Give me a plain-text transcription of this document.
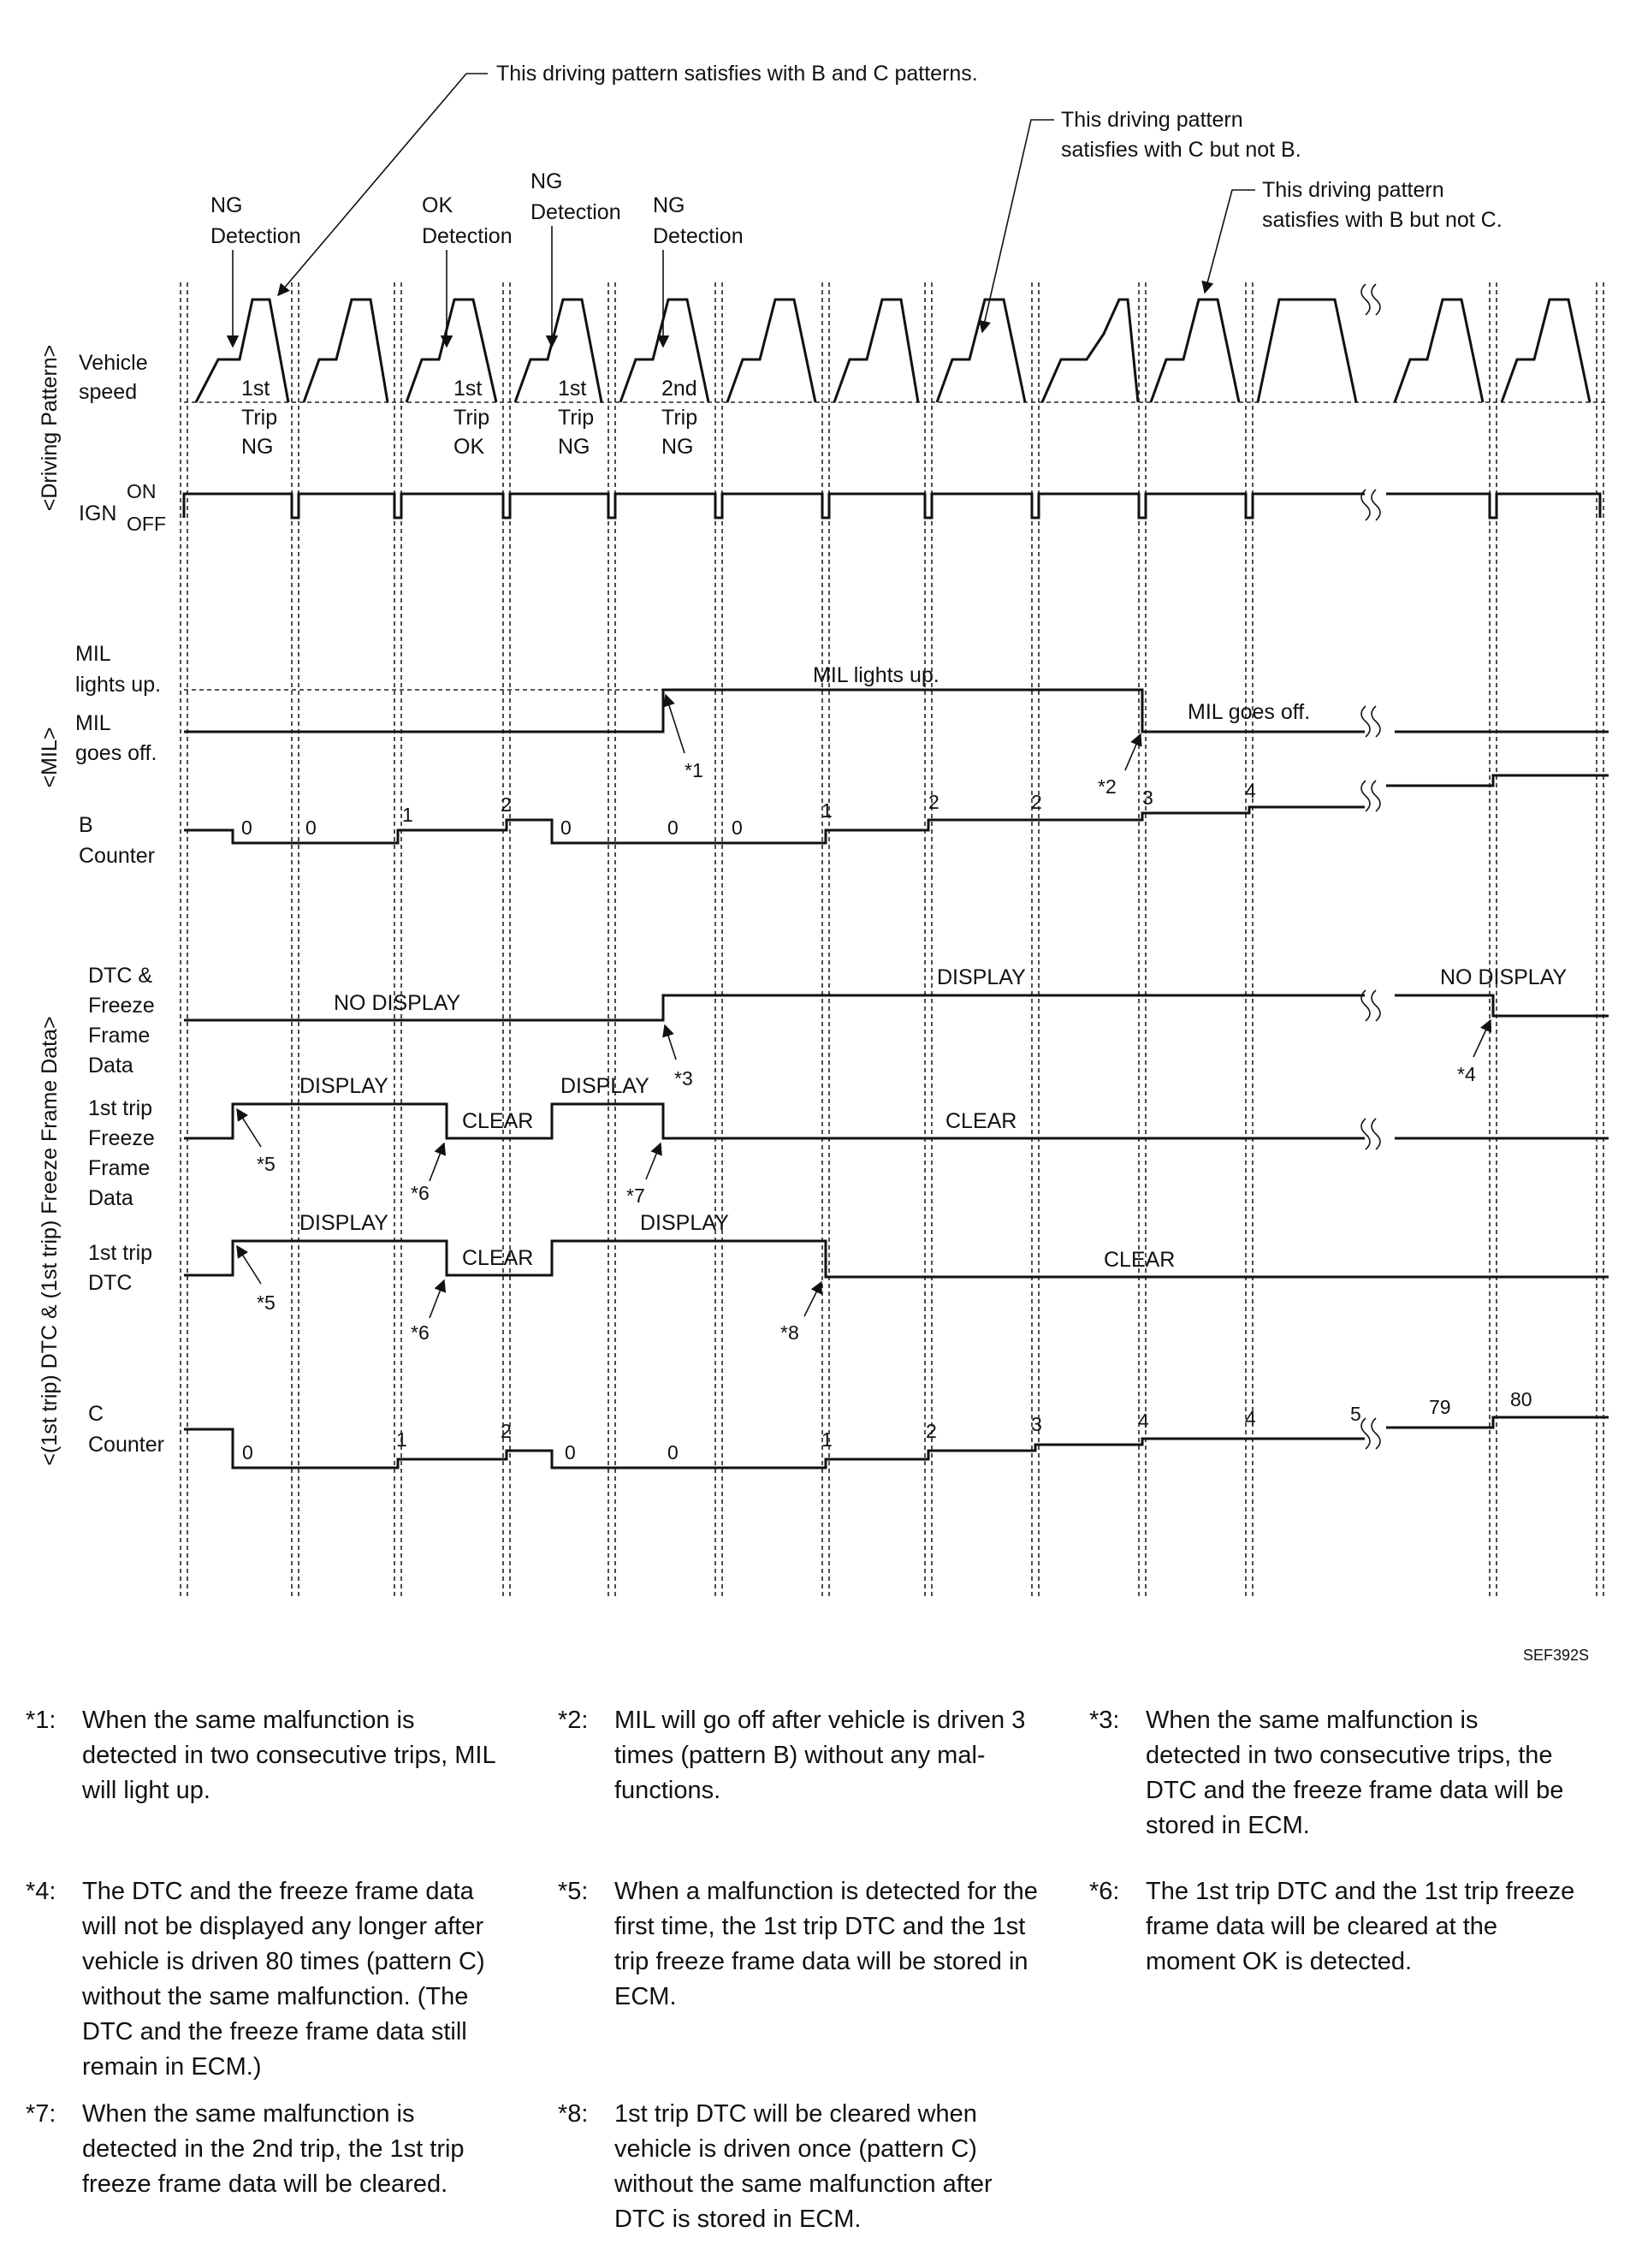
<Driving Pattern>
<MIL>
<(1st trip) DTC & (1st trip) Freeze Frame Data>
This driving pattern satisfies with B and C patterns.
This driving pattern
satisfies with C but not B.
This driving pattern
satisfies with B but not C.
NG
Detection
OK
Detection
NG
Detection NG
Detection
Vehicle
speed	1st
Trip
NG
1st
Trip
OK
1st
Trip
NG
2nd
Trip
NG
IGN
ON
OFF
MIL
lights up.
MIL
goes off.
MIL lights up.
MIL goes off.
*1
*2
B
Counter
0	0
1	2
0	0	0
1	2	2	3	4
DTC &
Freeze
Frame
Data
NO DISPLAY
DISPLAY	NO DISPLAY
*3	*4
1st trip
Freeze
Frame
Data
DISPLAY
CLEAR
DISPLAY
CLEAR
*5
*6	*7
1st trip
DTC
DISPLAY
CLEAR
DISPLAY
CLEAR
*5
*6	*8
C
Counter	0
1	2
0	0
1	2	3	4	4	5	79	80
SEF392S
*1:	When the same malfunction is detected in two consecutive trips, MIL will light up.
*2:	MIL will go off after vehicle is driven 3 times (pattern B) without any mal-functions.
*3:	When the same malfunction is detected in two consecutive trips, the DTC and the freeze frame data will be stored in ECM.
*4:	The DTC and the freeze frame data will not be displayed any longer after vehicle is driven 80 times (pattern C) without the same malfunction. (The DTC and the freeze frame data still remain in ECM.)
*5:	When a malfunction is detected for the first time, the 1st trip DTC and the 1st trip freeze frame data will be stored in ECM.
*6:	The 1st trip DTC and the 1st trip freeze frame data will be cleared at the moment OK is detected.
*7:	When the same malfunction is detected in the 2nd trip, the 1st trip freeze frame data will be cleared.
*8:	1st trip DTC will be cleared when vehicle is driven once (pattern C) without the same malfunction after DTC is stored in ECM.
